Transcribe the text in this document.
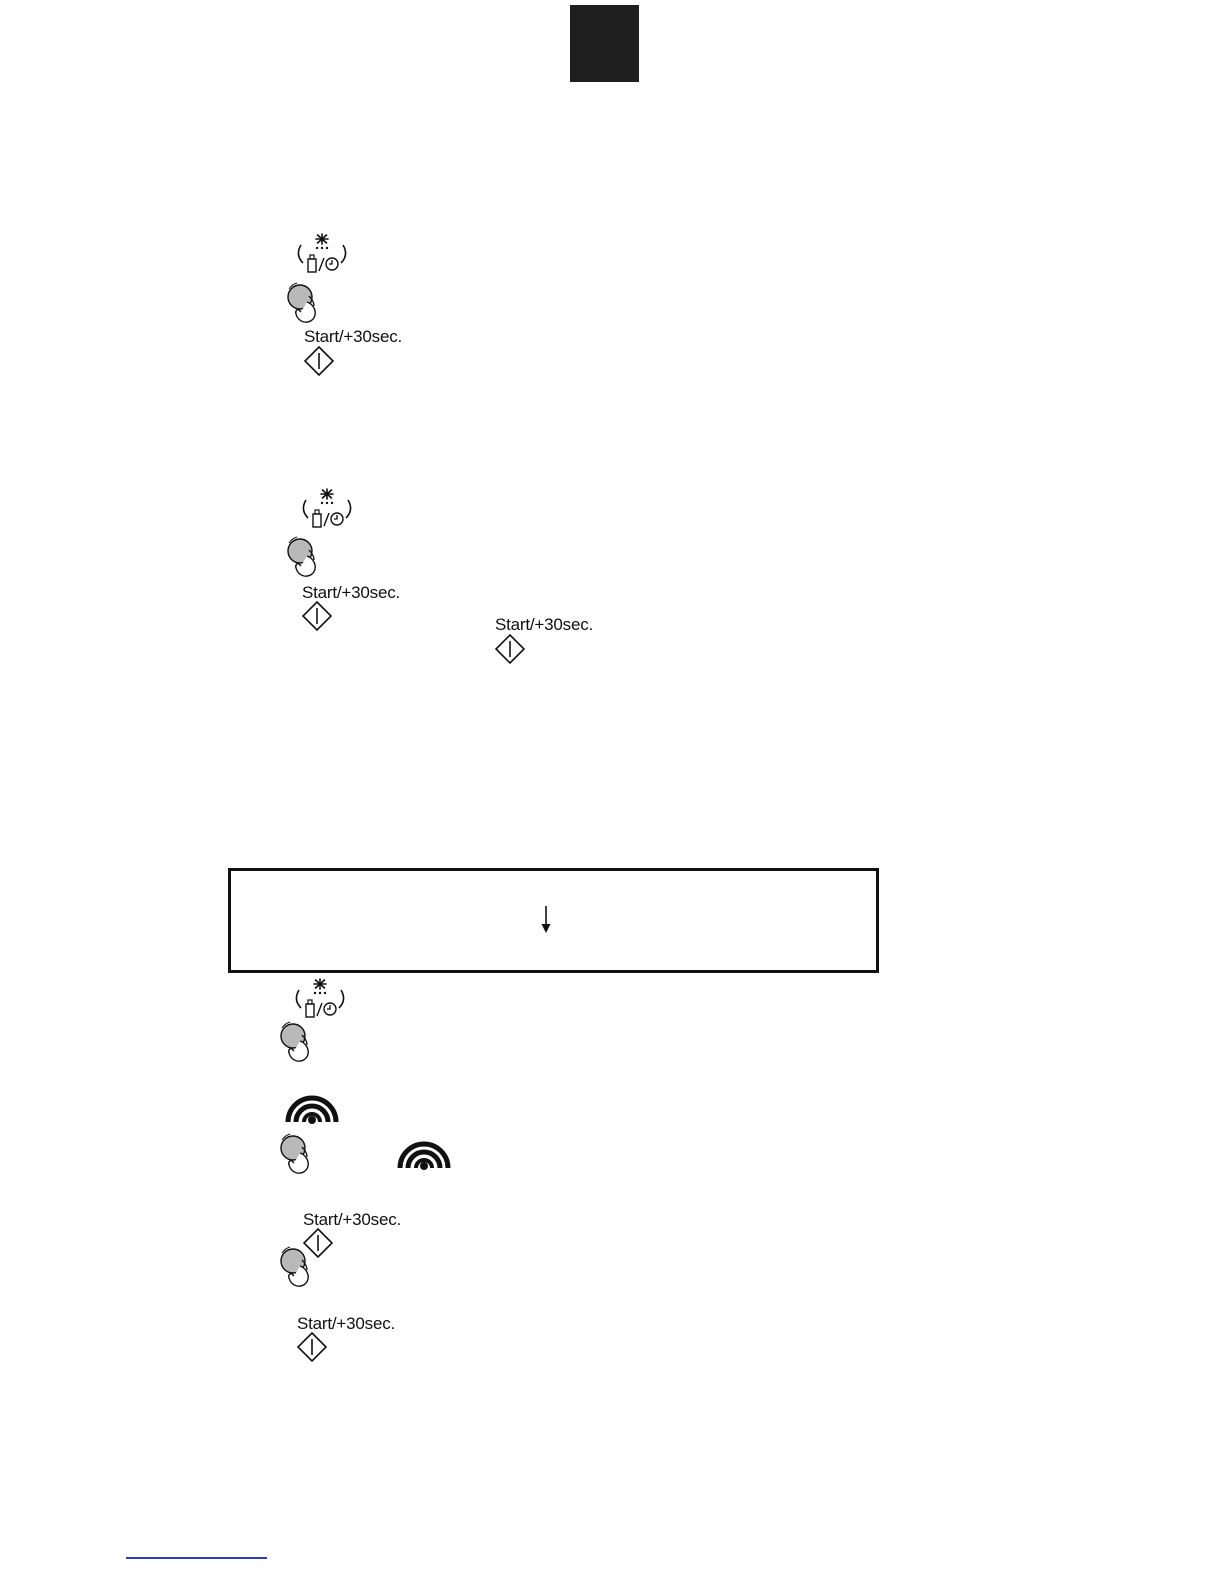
Start/+30sec.
Start/+30sec.
Start/+30sec.
Start/+30sec.
Start/+30sec.
